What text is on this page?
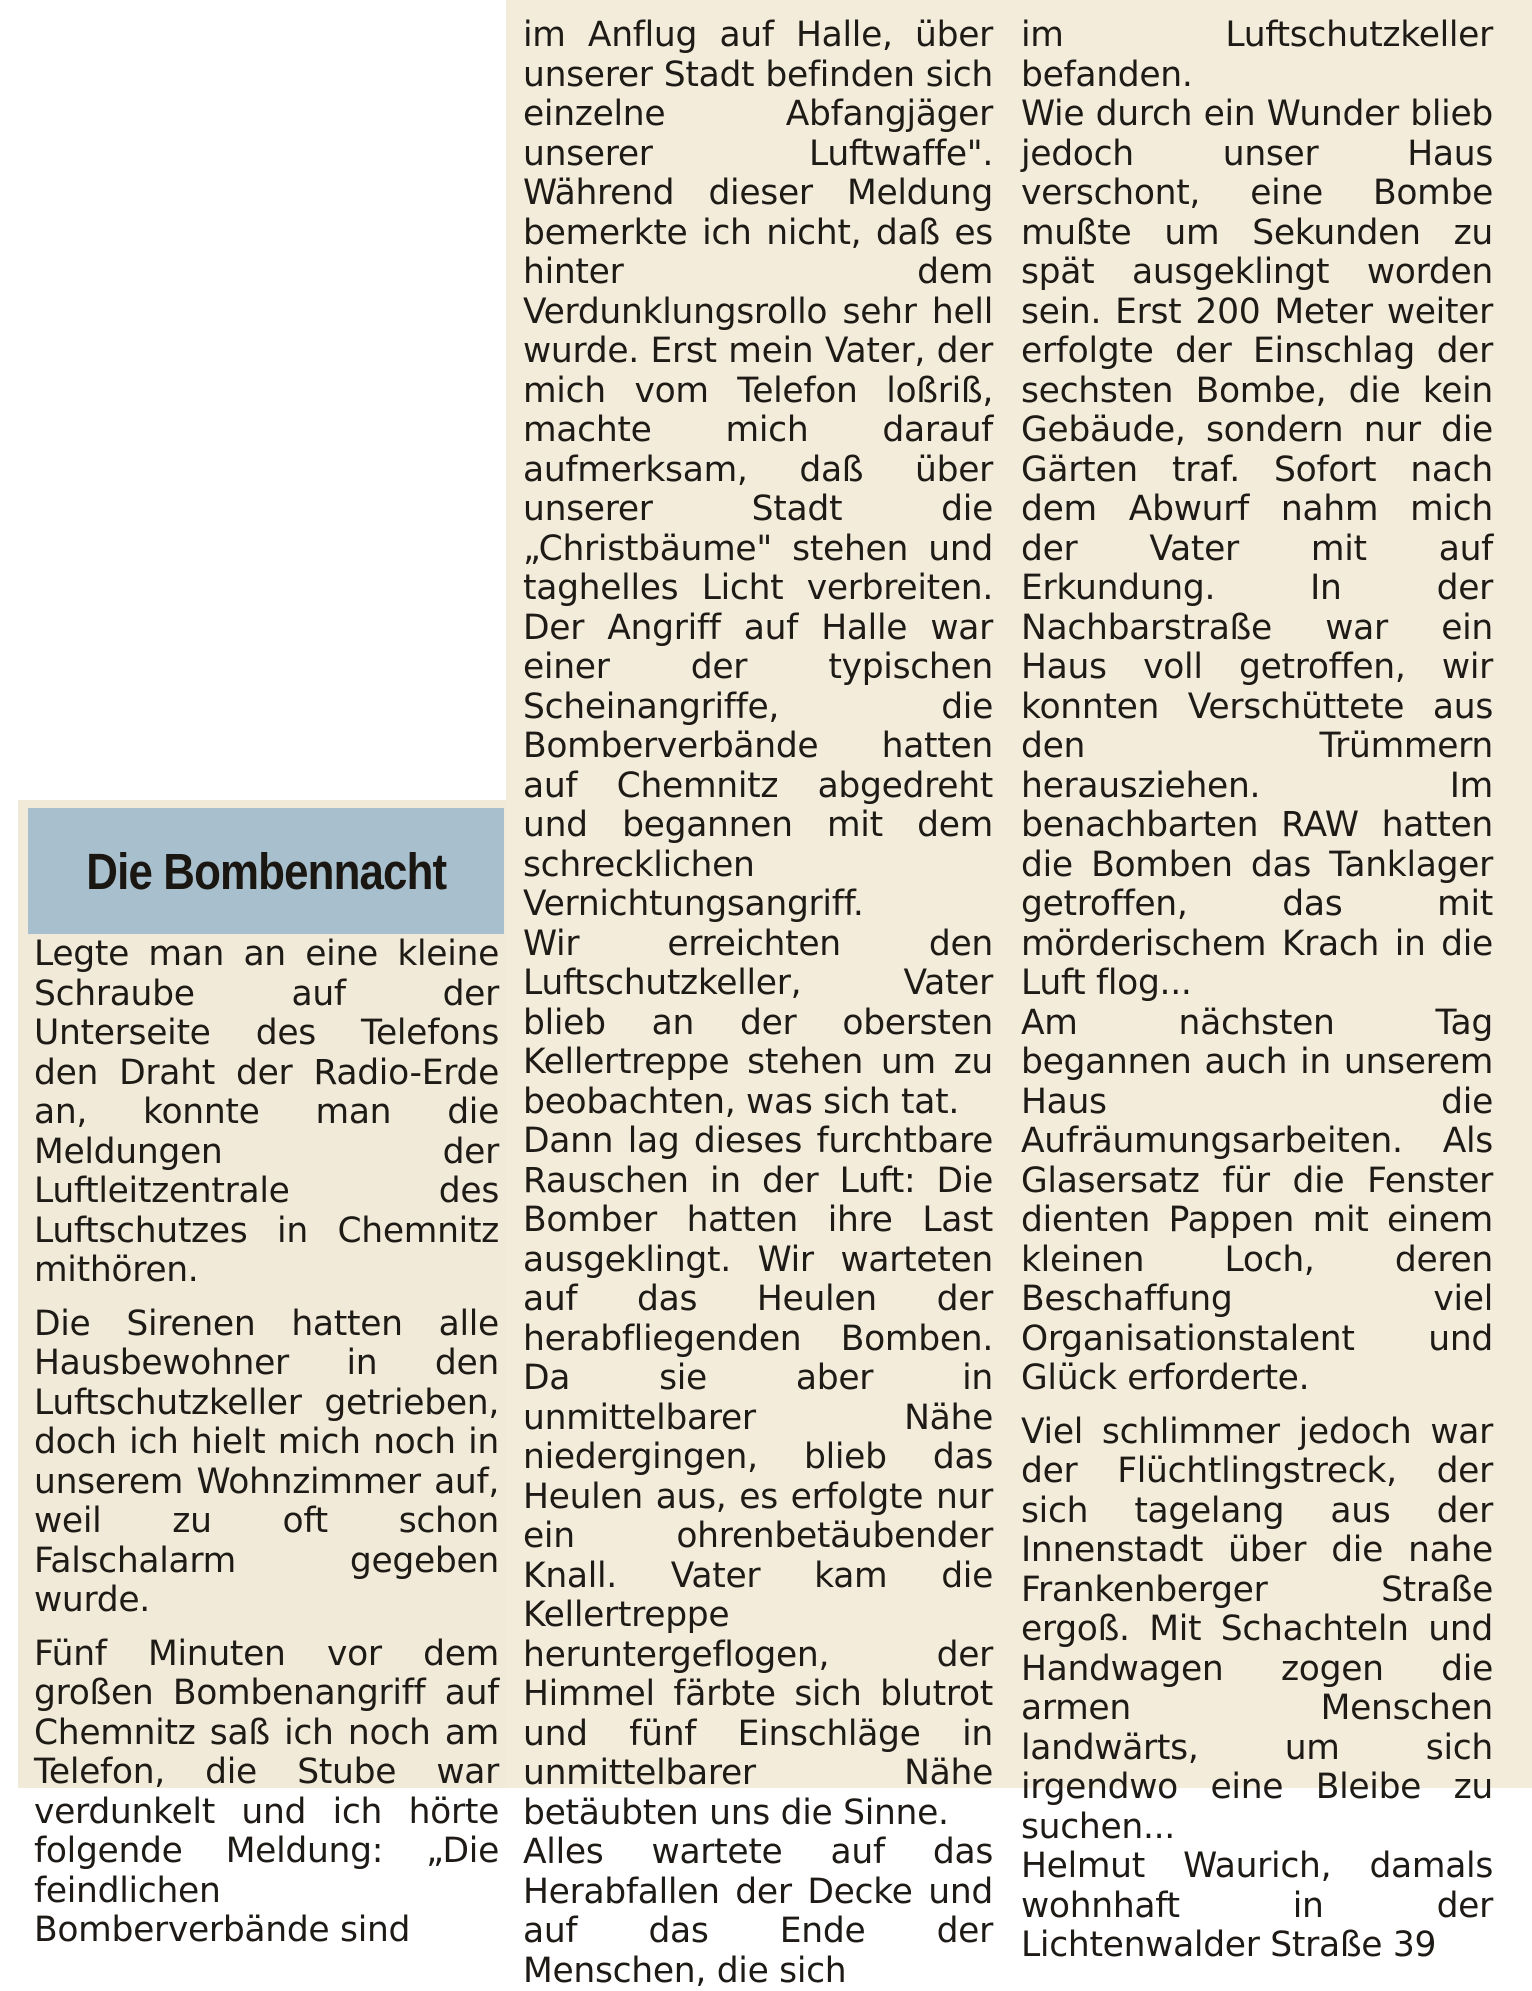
Die Bombennacht

Legte man an eine kleine Schraube auf der Unterseite des Telefons den Draht der Radio-Erde an, konnte man die Meldungen der Luftleitzentrale des Luftschutzes in Chemnitz mithören.

Die Sirenen hatten alle Hausbewohner in den Luftschutzkeller getrieben, doch ich hielt mich noch in unserem Wohnzimmer auf, weil zu oft schon Falschalarm gegeben wurde.

Fünf Minuten vor dem großen Bombenangriff auf Chemnitz saß ich noch am Telefon, die Stube war verdunkelt und ich hörte folgende Meldung: „Die feindlichen Bomberverbände sind

im Anflug auf Halle, über unserer Stadt befinden sich einzelne Abfangjäger unserer Luftwaffe". Während dieser Meldung bemerkte ich nicht, daß es hinter dem Verdunklungsrollo sehr hell wurde. Erst mein Vater, der mich vom Telefon loßriß, machte mich darauf aufmerksam, daß über unserer Stadt die „Christbäume" stehen und taghelles Licht verbreiten. Der Angriff auf Halle war einer der typischen Scheinangriffe, die Bomberverbände hatten auf Chemnitz abgedreht und begannen mit dem schrecklichen Vernichtungsangriff.

Wir erreichten den Luftschutzkeller, Vater blieb an der obersten Kellertreppe stehen um zu beobachten, was sich tat.

Dann lag dieses furchtbare Rauschen in der Luft: Die Bomber hatten ihre Last ausgeklingt. Wir warteten auf das Heulen der herabfliegenden Bomben. Da sie aber in unmittelbarer Nähe niedergingen, blieb das Heulen aus, es erfolgte nur ein ohrenbetäubender Knall. Vater kam die Kellertreppe heruntergeflogen, der Himmel färbte sich blutrot und fünf Einschläge in unmittelbarer Nähe betäubten uns die Sinne.

Alles wartete auf das Herabfallen der Decke und auf das Ende der Menschen, die sich

im Luftschutzkeller befanden.

Wie durch ein Wunder blieb jedoch unser Haus verschont, eine Bombe mußte um Sekunden zu spät ausgeklingt worden sein. Erst 200 Meter weiter erfolgte der Einschlag der sechsten Bombe, die kein Gebäude, sondern nur die Gärten traf. Sofort nach dem Abwurf nahm mich der Vater mit auf Erkundung. In der Nachbarstraße war ein Haus voll getroffen, wir konnten Verschüttete aus den Trümmern herausziehen. Im benachbarten RAW hatten die Bomben das Tanklager getroffen, das mit mörderischem Krach in die Luft flog...

Am nächsten Tag begannen auch in unserem Haus die Aufräumungsarbeiten. Als Glasersatz für die Fenster dienten Pappen mit einem kleinen Loch, deren Beschaffung viel Organisationstalent und Glück erforderte.

Viel schlimmer jedoch war der Flüchtlingstreck, der sich tagelang aus der Innenstadt über die nahe Frankenberger Straße ergoß. Mit Schachteln und Handwagen zogen die armen Menschen landwärts, um sich irgendwo eine Bleibe zu suchen...

Helmut Waurich, damals wohnhaft in der Lichtenwalder Straße 39
